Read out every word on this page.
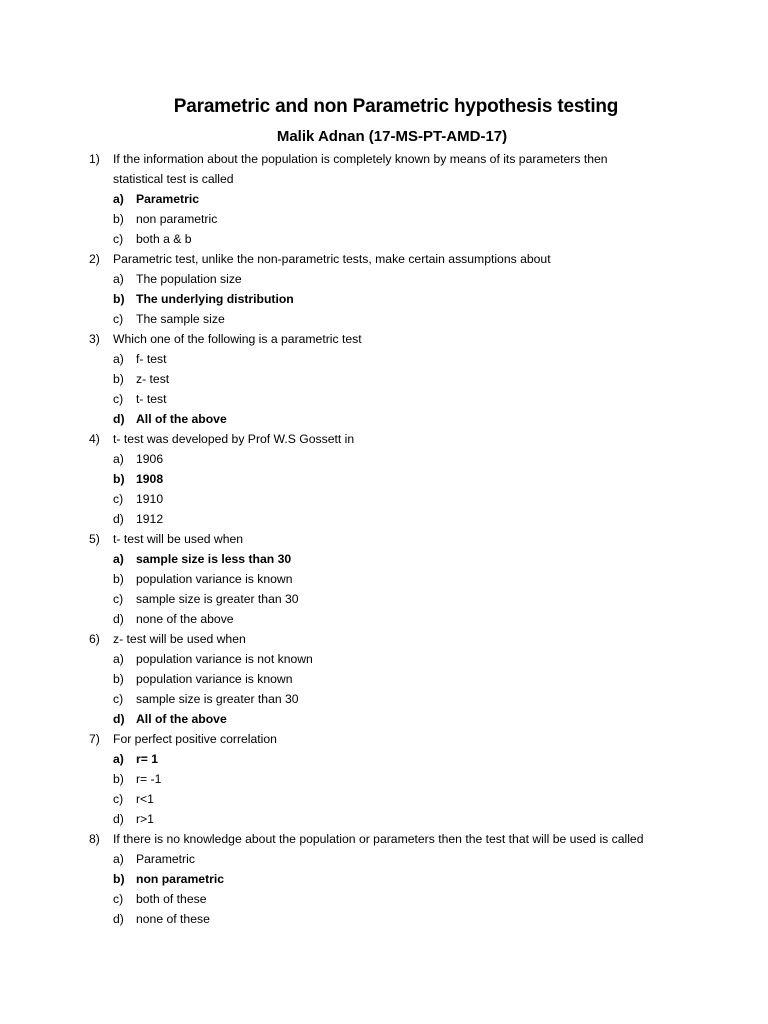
Parametric and non Parametric hypothesis testing
Malik Adnan (17-MS-PT-AMD-17)
1) If the information about the population is completely known by means of its parameters then
statistical test is called
a) Parametric
b) non parametric
c) both a & b
2) Parametric test, unlike the non-parametric tests, make certain assumptions about
a) The population size
b) The underlying distribution
c) The sample size
3) Which one of the following is a parametric test
a) f- test
b) z- test
c) t- test
d) All of the above
4) t- test was developed by Prof W.S Gossett in
a) 1906
b) 1908
c) 1910
d) 1912
5) t- test will be used when
a) sample size is less than 30
b) population variance is known
c) sample size is greater than 30
d) none of the above
6) z- test will be used when
a) population variance is not known
b) population variance is known
c) sample size is greater than 30
d) All of the above
7) For perfect positive correlation
a) r= 1
b) r= -1
c) r<1
d) r>1
8) If there is no knowledge about the population or parameters then the test that will be used is called
a) Parametric
b) non parametric
c) both of these
d) none of these
